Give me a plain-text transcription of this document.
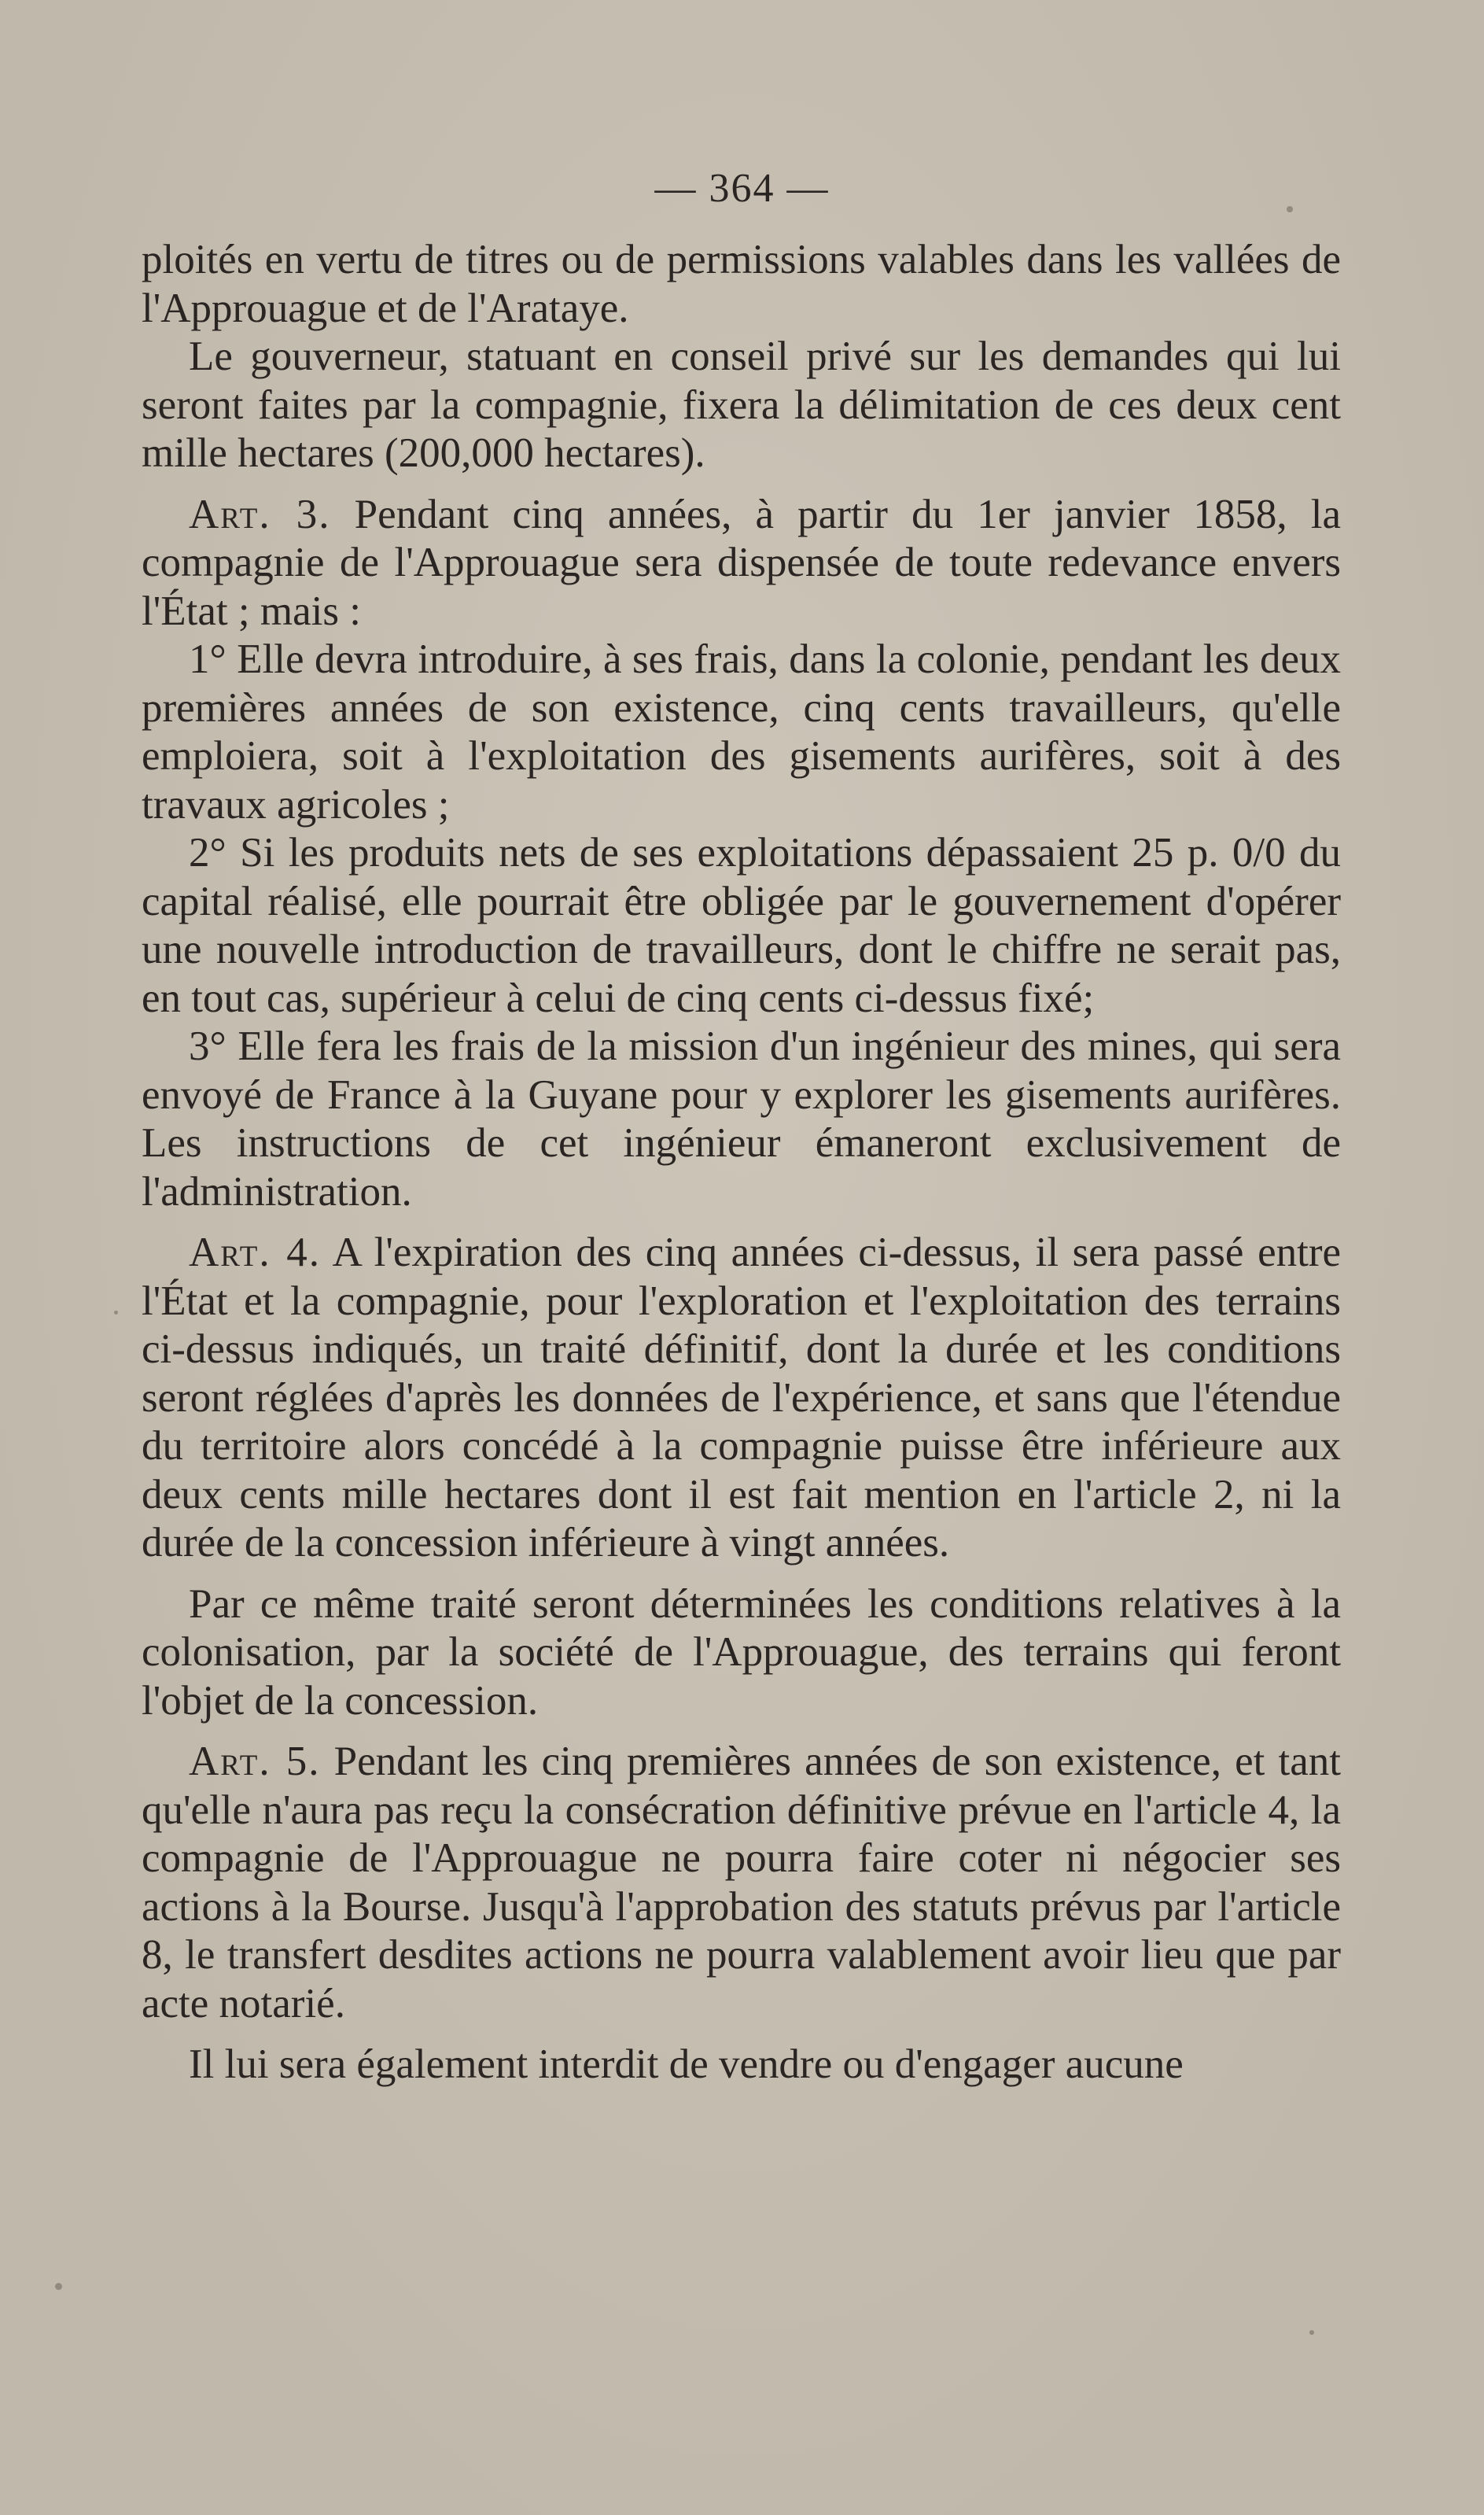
— 364 —

ploités en vertu de titres ou de permissions valables dans les vallées de l'Approuague et de l'Arataye.

Le gouverneur, statuant en conseil privé sur les demandes qui lui seront faites par la compagnie, fixera la délimitation de ces deux cent mille hectares (200,000 hectares).

Art. 3. Pendant cinq années, à partir du 1er janvier 1858, la compagnie de l'Approuague sera dispensée de toute redevance envers l'État ; mais :

1° Elle devra introduire, à ses frais, dans la colonie, pendant les deux premières années de son existence, cinq cents travailleurs, qu'elle emploiera, soit à l'exploitation des gisements aurifères, soit à des travaux agricoles ;

2° Si les produits nets de ses exploitations dépassaient 25 p. 0/0 du capital réalisé, elle pourrait être obligée par le gouvernement d'opérer une nouvelle introduction de travailleurs, dont le chiffre ne serait pas, en tout cas, supérieur à celui de cinq cents ci-dessus fixé;

3° Elle fera les frais de la mission d'un ingénieur des mines, qui sera envoyé de France à la Guyane pour y explorer les gisements aurifères. Les instructions de cet ingénieur émaneront exclusivement de l'administration.

Art. 4. A l'expiration des cinq années ci-dessus, il sera passé entre l'État et la compagnie, pour l'exploration et l'exploitation des terrains ci-dessus indiqués, un traité définitif, dont la durée et les conditions seront réglées d'après les données de l'expérience, et sans que l'étendue du territoire alors concédé à la compagnie puisse être inférieure aux deux cents mille hectares dont il est fait mention en l'article 2, ni la durée de la concession inférieure à vingt années.

Par ce même traité seront déterminées les conditions relatives à la colonisation, par la société de l'Approuague, des terrains qui feront l'objet de la concession.

Art. 5. Pendant les cinq premières années de son existence, et tant qu'elle n'aura pas reçu la consécration définitive prévue en l'article 4, la compagnie de l'Approuague ne pourra faire coter ni négocier ses actions à la Bourse. Jusqu'à l'approbation des statuts prévus par l'article 8, le transfert desdites actions ne pourra valablement avoir lieu que par acte notarié.

Il lui sera également interdit de vendre ou d'engager aucune
